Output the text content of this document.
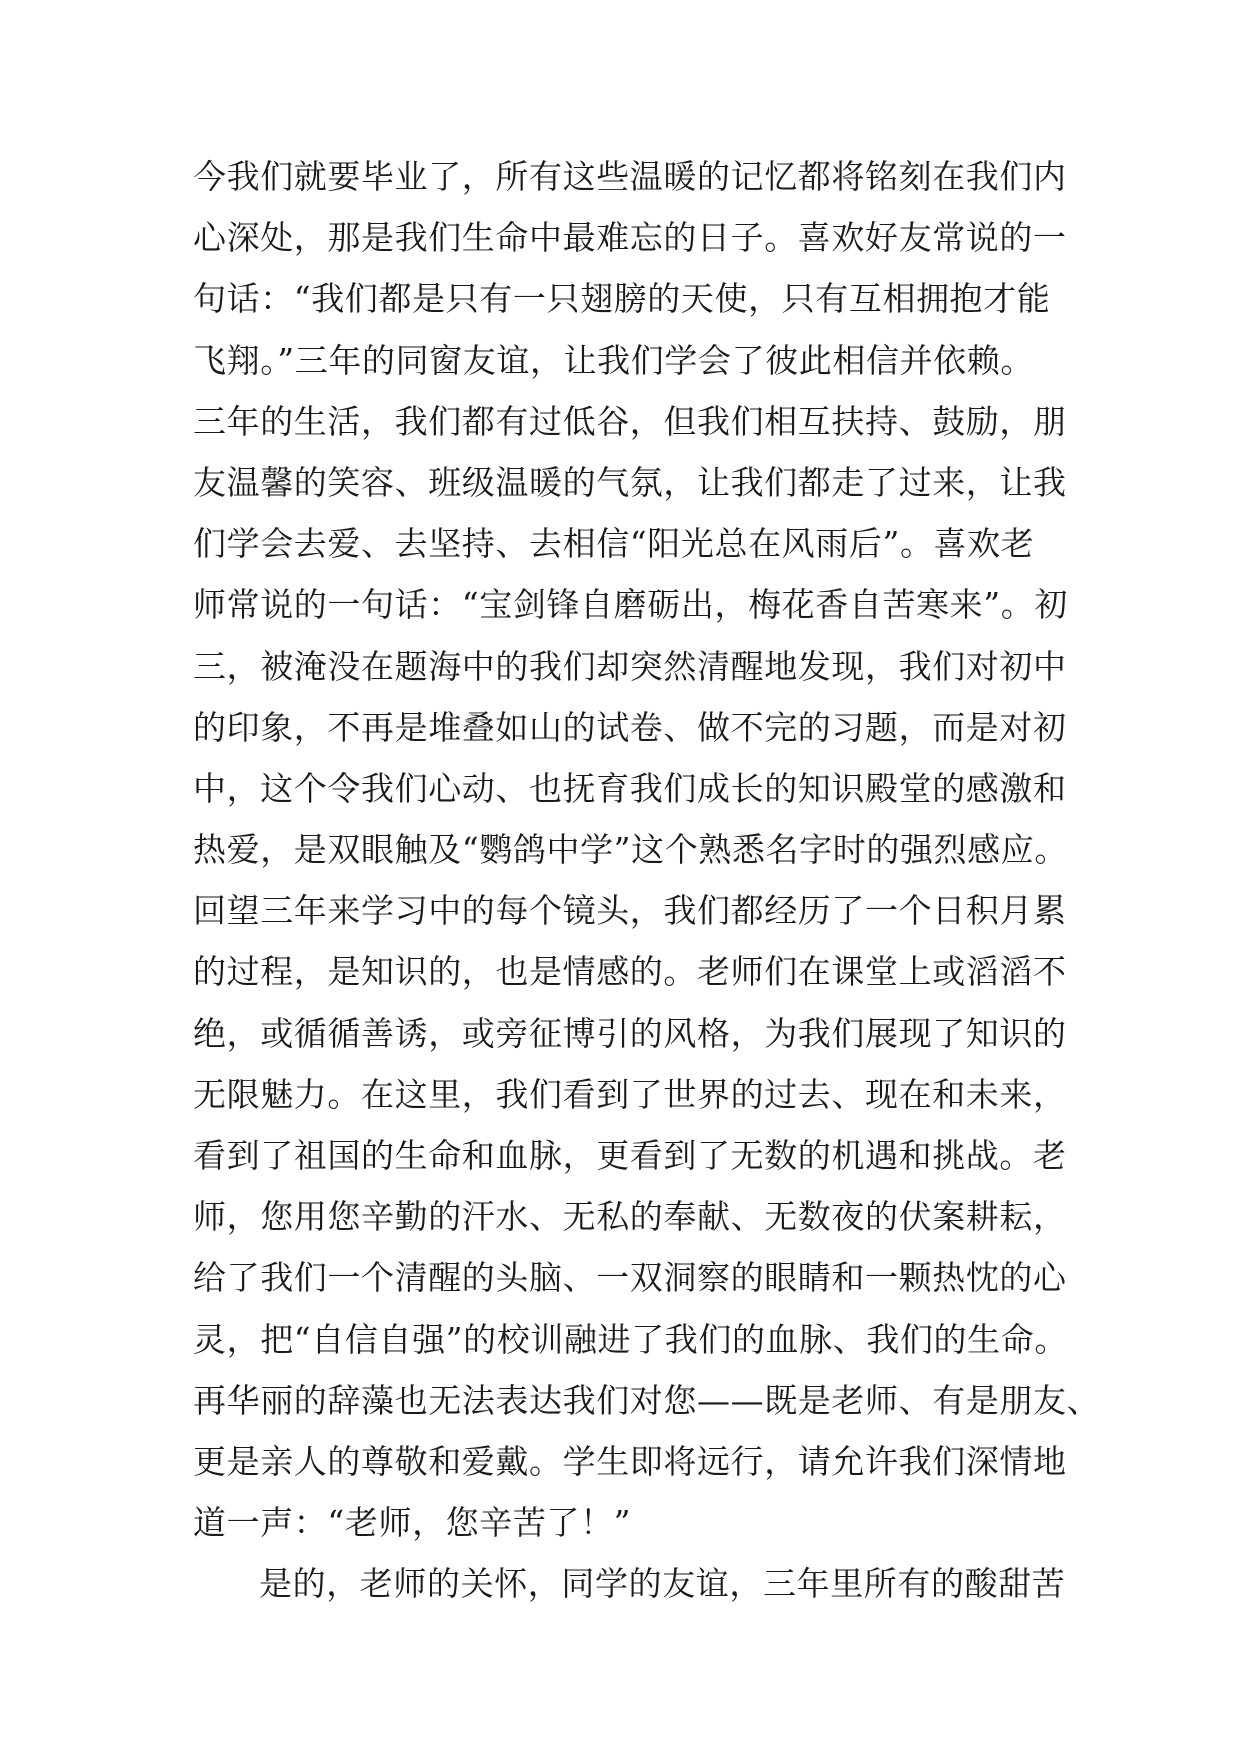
今我们就要毕业了，所有这些温暖的记忆都将铭刻在我们内
心深处，那是我们生命中最难忘的日子。喜欢好友常说的一
句话：“我们都是只有一只翅膀的天使，只有互相拥抱才能
飞翔。”三年的同窗友谊，让我们学会了彼此相信并依赖。
三年的生活，我们都有过低谷，但我们相互扶持、鼓励，朋
友温馨的笑容、班级温暖的气氛，让我们都走了过来，让我
们学会去爱、去坚持、去相信“阳光总在风雨后”。喜欢老
师常说的一句话：“宝剑锋自磨砺出，梅花香自苦寒来”。初
三，被淹没在题海中的我们却突然清醒地发现，我们对初中
的印象，不再是堆叠如山的试卷、做不完的习题，而是对初
中，这个令我们心动、也抚育我们成长的知识殿堂的感激和
热爱，是双眼触及“鹦鸽中学”这个熟悉名字时的强烈感应。
回望三年来学习中的每个镜头，我们都经历了一个日积月累
的过程，是知识的，也是情感的。老师们在课堂上或滔滔不
绝，或循循善诱，或旁征博引的风格，为我们展现了知识的
无限魅力。在这里，我们看到了世界的过去、现在和未来，
看到了祖国的生命和血脉，更看到了无数的机遇和挑战。老
师，您用您辛勤的汗水、无私的奉献、无数夜的伏案耕耘，
给了我们一个清醒的头脑、一双洞察的眼睛和一颗热忱的心
灵，把“自信自强”的校训融进了我们的血脉、我们的生命。
再华丽的辞藻也无法表达我们对您——既是老师、有是朋友、
更是亲人的尊敬和爱戴。学生即将远行，请允许我们深情地
道一声：“老师，您辛苦了！”
是的，老师的关怀，同学的友谊，三年里所有的酸甜苦
